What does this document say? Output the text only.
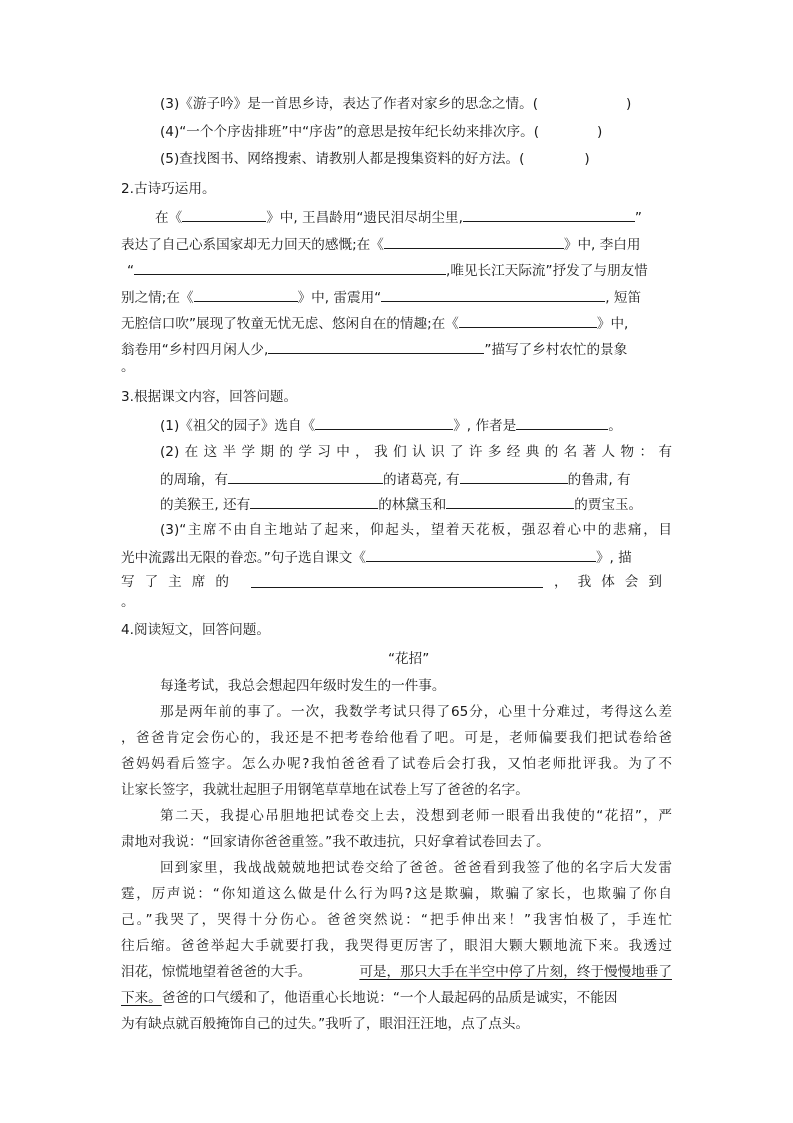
(3)《游子吟》是一首思乡诗，表达了作者对家乡的思念之情。(	)
(4)“一个个序齿排班”中“序齿”的意思是按年纪长幼来排次序。(	)
(5)查找图书、网络搜索、请教别人都是搜集资料的好方法。(	)
2.古诗巧运用。
在《	》中, 王昌龄用“遗民泪尽胡尘里,	”
表达了自己心系国家却无力回天的感慨;在《	》中, 李白用
“	,唯见长江天际流”抒发了与朋友惜
别之情;在《	》中, 雷震用“	, 短笛
无腔信口吹”展现了牧童无忧无虑、悠闲自在的情趣;在《	》中,
翁卷用“乡村四月闲人少,	”描写了乡村农忙的景象
。
3.根据课文内容，回答问题。
(1)《祖父的园子》选自《	》, 作者是	。
(2)在这半学期的学习中，我们认识了许多经典的名著人物：有
的周瑜，有	的诸葛亮, 有	的鲁肃, 有
的美猴王, 还有	的林黛玉和	的贾宝玉。
(3)“主席不由自主地站了起来，仰起头，望着天花板，强忍着心中的悲痛，目
光中流露出无限的眷恋。”句子选自课文《	》, 描
写了主席的	，我体会到
。
4.阅读短文，回答问题。
“花招”
每逢考试，我总会想起四年级时发生的一件事。
那是两年前的事了。一次，我数学考试只得了65分，心里十分难过，考得这么差
，爸爸肯定会伤心的，我还是不把考卷给他看了吧。可是，老师偏要我们把试卷给爸
爸妈妈看后签字。怎么办呢?我怕爸爸看了试卷后会打我，又怕老师批评我。为了不
让家长签字，我就壮起胆子用钢笔草草地在试卷上写了爸爸的名字。
第二天，我提心吊胆地把试卷交上去，没想到老师一眼看出我使的“花招”，严
肃地对我说：“回家请你爸爸重签。”我不敢违抗，只好拿着试卷回去了。
回到家里，我战战兢兢地把试卷交给了爸爸。爸爸看到我签了他的名字后大发雷
霆，厉声说：“你知道这么做是什么行为吗?这是欺骗，欺骗了家长，也欺骗了你自
己。”我哭了，哭得十分伤心。爸爸突然说：“把手伸出来！”我害怕极了，手连忙
往后缩。爸爸举起大手就要打我，我哭得更厉害了，眼泪大颗大颗地流下来。我透过
泪花，惊慌地望着爸爸的大手。	可是，那只大手在半空中停了片刻，终于慢慢地垂了
下来。爸爸的口气缓和了，他语重心长地说：“一个人最起码的品质是诚实，不能因
为有缺点就百般掩饰自己的过失。”我听了，眼泪汪汪地，点了点头。
